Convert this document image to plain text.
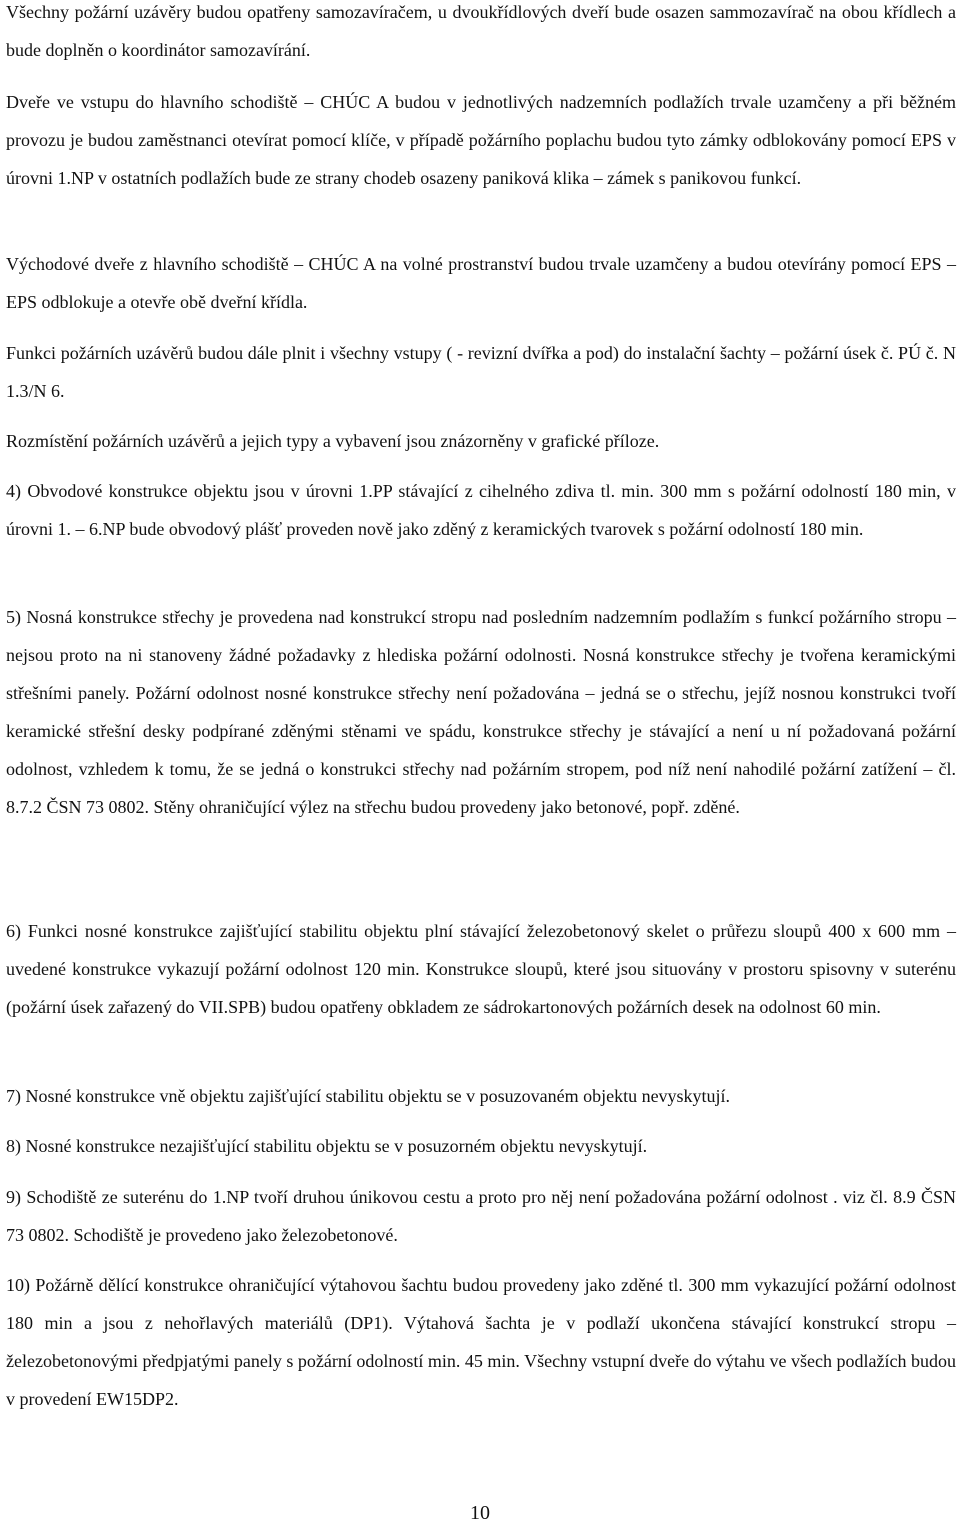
Všechny požární uzávěry budou opatřeny samozavíračem, u dvoukřídlových dveří bude osazen sammozavírač na obou křídlech a bude doplněn o koordinátor samozavírání.

Dveře ve vstupu do hlavního schodiště – CHÚC A budou v jednotlivých nadzemních podlažích trvale uzamčeny a při běžném provozu je budou zaměstnanci otevírat pomocí klíče, v případě požárního poplachu budou tyto zámky odblokovány pomocí EPS v úrovni 1.NP v ostatních podlažích bude ze strany chodeb osazeny paniková klika – zámek s panikovou funkcí.

Východové dveře z hlavního schodiště – CHÚC A na volné prostranství budou trvale uzamčeny a budou otevírány pomocí EPS – EPS odblokuje a otevře obě dveřní křídla.

Funkci požárních uzávěrů budou dále plnit i všechny vstupy ( - revizní dvířka a pod) do instalační šachty – požární úsek č. PÚ č. N 1.3/N 6.

Rozmístění požárních uzávěrů a jejich typy a vybavení jsou znázorněny v grafické příloze.

4) Obvodové konstrukce objektu jsou v úrovni 1.PP stávající z cihelného zdiva tl. min. 300 mm s požární odolností 180 min, v úrovni 1. – 6.NP bude obvodový plášť proveden nově jako zděný z keramických tvarovek s požární odolností 180 min.

5) Nosná konstrukce střechy je provedena nad konstrukcí stropu nad posledním nadzemním podlažím s funkcí požárního stropu – nejsou proto na ni stanoveny žádné požadavky z hlediska požární odolnosti. Nosná konstrukce střechy je tvořena keramickými střešními panely. Požární odolnost nosné konstrukce střechy není požadována – jedná se o střechu, jejíž nosnou konstrukci tvoří keramické střešní desky podpírané zděnými stěnami ve spádu, konstrukce střechy je stávající a není u ní požadovaná požární odolnost, vzhledem k tomu, že se jedná o konstrukci střechy nad požárním stropem, pod níž není nahodilé požární zatížení – čl. 8.7.2 ČSN 73 0802. Stěny ohraničující výlez na střechu budou provedeny jako betonové, popř. zděné.

6) Funkci nosné konstrukce zajišťující stabilitu objektu plní stávající železobetonový skelet o průřezu sloupů 400 x 600 mm – uvedené konstrukce vykazují požární odolnost 120 min. Konstrukce sloupů, které jsou situovány v prostoru spisovny v suterénu (požární úsek zařazený do VII.SPB) budou opatřeny obkladem ze sádrokartonových požárních desek na odolnost 60 min.

7) Nosné konstrukce vně objektu zajišťující stabilitu objektu se v posuzovaném objektu nevyskytují.

8) Nosné konstrukce nezajišťující stabilitu objektu se v posuzorném objektu nevyskytují.

9) Schodiště ze suterénu do 1.NP tvoří druhou únikovou cestu a proto pro něj není požadována požární odolnost . viz čl. 8.9 ČSN 73 0802. Schodiště je provedeno jako železobetonové.

10) Požárně dělící konstrukce ohraničující výtahovou šachtu budou provedeny jako zděné tl. 300 mm vykazující požární odolnost 180 min a jsou z nehořlavých materiálů (DP1). Výtahová šachta je v podlaží ukončena stávající konstrukcí stropu – železobetonovými předpjatými panely s požární odolností min. 45 min. Všechny vstupní dveře do výtahu ve všech podlažích budou v provedení EW15DP2.

10
